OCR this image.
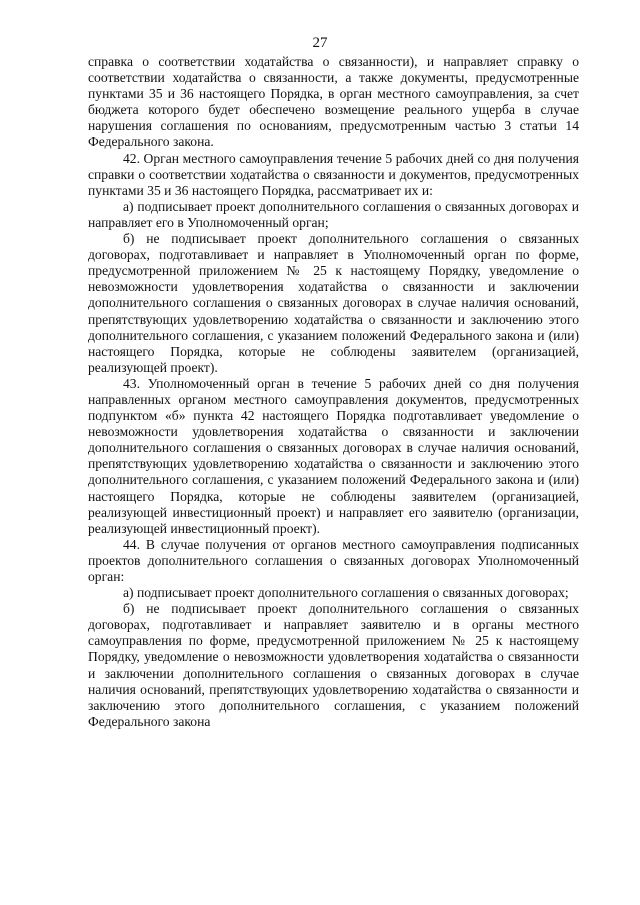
27

справка о соответствии ходатайства о связанности), и направляет справку о соответствии ходатайства о связанности, а также документы, предусмотренные пунктами 35 и 36 настоящего Порядка, в орган местного самоуправления, за счет бюджета которого будет обеспечено возмещение реального ущерба в случае нарушения соглашения по основаниям, предусмотренным частью 3 статьи 14 Федерального закона.

42. Орган местного самоуправления течение 5 рабочих дней со дня получения справки о соответствии ходатайства о связанности и документов, предусмотренных пунктами 35 и 36 настоящего Порядка, рассматривает их и:

а) подписывает проект дополнительного соглашения о связанных договорах и направляет его в Уполномоченный орган;

б) не подписывает проект дополнительного соглашения о связанных договорах, подготавливает и направляет в Уполномоченный орган по форме, предусмотренной приложением № 25 к настоящему Порядку, уведомление о невозможности удовлетворения ходатайства о связанности и заключении дополнительного соглашения о связанных договорах в случае наличия оснований, препятствующих удовлетворению ходатайства о связанности и заключению этого дополнительного соглашения, с указанием положений Федерального закона и (или) настоящего Порядка, которые не соблюдены заявителем (организацией, реализующей проект).

43. Уполномоченный орган в течение 5 рабочих дней со дня получения направленных органом местного самоуправления документов, предусмотренных подпунктом «б» пункта 42 настоящего Порядка подготавливает уведомление о невозможности удовлетворения ходатайства о связанности и заключении дополнительного соглашения о связанных договорах в случае наличия оснований, препятствующих удовлетворению ходатайства о связанности и заключению этого дополнительного соглашения, с указанием положений Федерального закона и (или) настоящего Порядка, которые не соблюдены заявителем (организацией, реализующей инвестиционный проект) и направляет его заявителю (организации, реализующей инвестиционный проект).

44. В случае получения от органов местного самоуправления подписанных проектов дополнительного соглашения о связанных договорах Уполномоченный орган:

а) подписывает проект дополнительного соглашения о связанных договорах;

б) не подписывает проект дополнительного соглашения о связанных договорах, подготавливает и направляет заявителю и в органы местного самоуправления по форме, предусмотренной приложением № 25 к настоящему Порядку, уведомление о невозможности удовлетворения ходатайства о связанности и заключении дополнительного соглашения о связанных договорах в случае наличия оснований, препятствующих удовлетворению ходатайства о связанности и заключению этого дополнительного соглашения, с указанием положений Федерального закона
